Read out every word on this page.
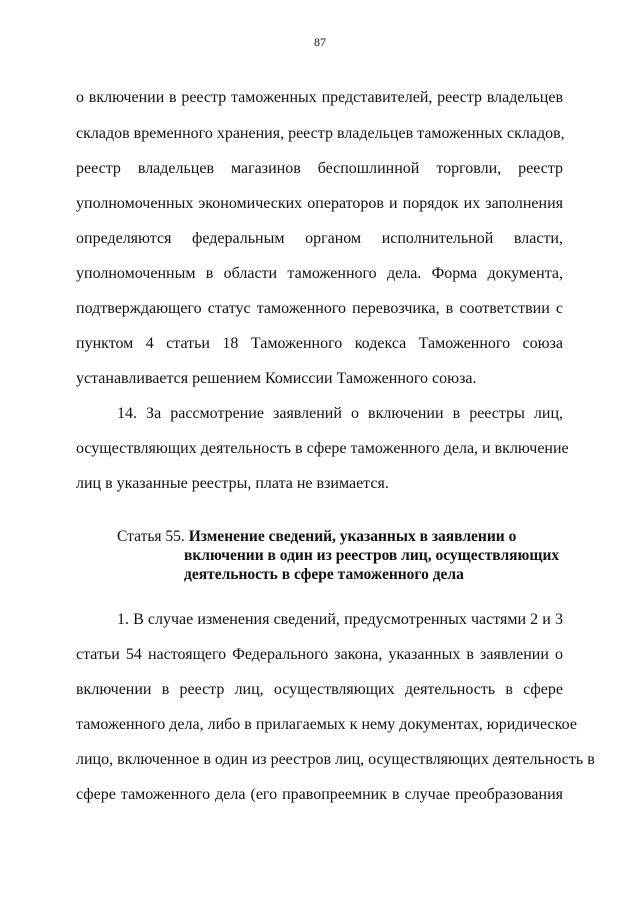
87
о включении в реестр таможенных представителей, реестр владельцев
складов временного хранения, реестр владельцев таможенных складов,
реестр владельцев магазинов беспошлинной торговли, реестр
уполномоченных экономических операторов и порядок их заполнения
определяются федеральным органом исполнительной власти,
уполномоченным в области таможенного дела. Форма документа,
подтверждающего статус таможенного перевозчика, в соответствии с
пунктом 4 статьи 18 Таможенного кодекса Таможенного союза
устанавливается решением Комиссии Таможенного союза.
14. За рассмотрение заявлений о включении в реестры лиц,
осуществляющих деятельность в сфере таможенного дела, и включение
лиц в указанные реестры, плата не взимается.
Статья 55. Изменение сведений, указанных в заявлении о
включении в один из реестров лиц, осуществляющих
деятельность в сфере таможенного дела
1. В случае изменения сведений, предусмотренных частями 2 и 3
статьи 54 настоящего Федерального закона, указанных в заявлении о
включении в реестр лиц, осуществляющих деятельность в сфере
таможенного дела, либо в прилагаемых к нему документах, юридическое
лицо, включенное в один из реестров лиц, осуществляющих деятельность в
сфере таможенного дела (его правопреемник в случае преобразования
